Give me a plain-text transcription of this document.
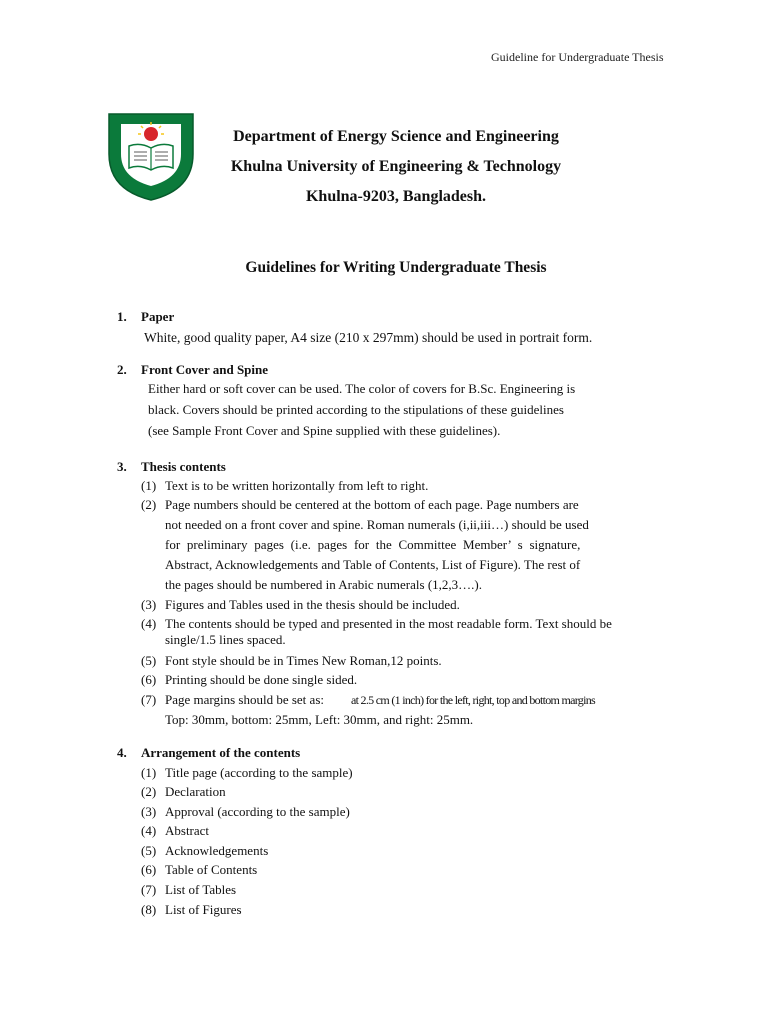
Guideline for Undergraduate Thesis
Department of Energy Science and Engineering
Khulna University of Engineering & Technology
Khulna-9203, Bangladesh.
Guidelines for Writing Undergraduate Thesis
1. Paper
White, good quality paper, A4 size (210 x 297mm) should be used in portrait form.
2. Front Cover and Spine
Either hard or soft cover can be used. The color of covers for B.Sc. Engineering is
black. Covers should be printed according to the stipulations of these guidelines
(see Sample Front Cover and Spine supplied with these guidelines).
3. Thesis contents
(1) Text is to be written horizontally from left to right.
(2) Page numbers should be centered at the bottom of each page. Page numbers are
not needed on a front cover and spine. Roman numerals (i,ii,iii…) should be used
for preliminary pages (i.e. pages for the Committee Member’ s signature,
Abstract, Acknowledgements and Table of Contents, List of Figure). The rest of
the pages should be numbered in Arabic numerals (1,2,3….).
(3) Figures and Tables used in the thesis should be included.
(4) The contents should be typed and presented in the most readable form. Text should be
single/1.5 lines spaced.
(5) Font style should be in Times New Roman,12 points.
(6) Printing should be done single sided.
(7) Page margins should be set as: at 2.5 cm (1 inch) for the left, right, top and bottom margins
Top: 30mm, bottom: 25mm, Left: 30mm, and right: 25mm.
4. Arrangement of the contents
(1) Title page (according to the sample)
(2) Declaration
(3) Approval (according to the sample)
(4) Abstract
(5) Acknowledgements
(6) Table of Contents
(7) List of Tables
(8) List of Figures
